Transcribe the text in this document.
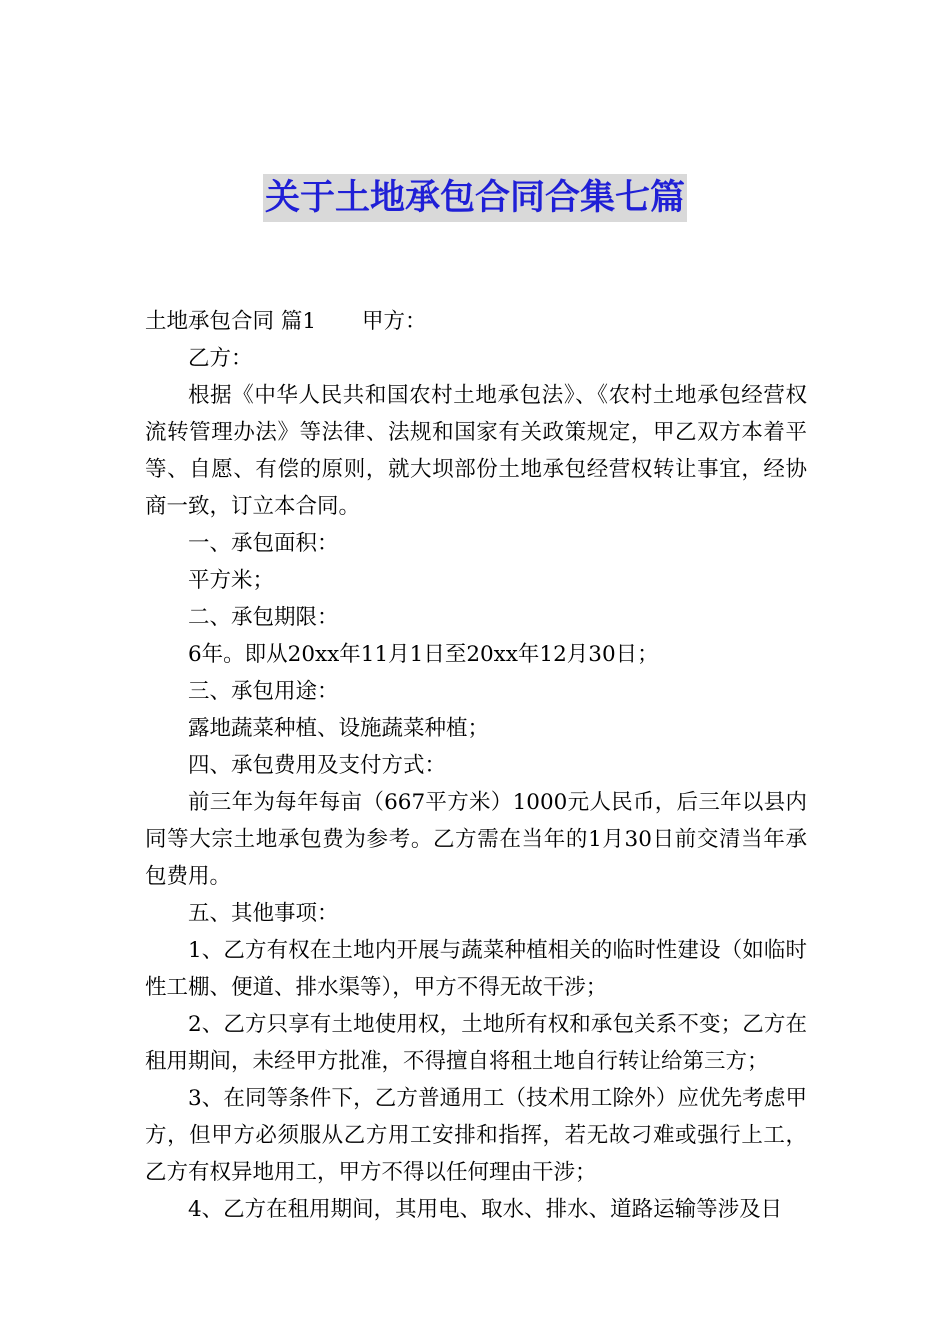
关于土地承包合同合集七篇

土地承包合同 篇1 甲方：

乙方：

根据《中华人民共和国农村土地承包法》、《农村土地承包经营权流转管理办法》等法律、法规和国家有关政策规定，甲乙双方本着平等、自愿、有偿的原则，就大坝部份土地承包经营权转让事宜，经协商一致，订立本合同。

一、承包面积：

平方米；

二、承包期限：

6年。即从20xx年11月1日至20xx年12月30日；

三、承包用途：

露地蔬菜种植、设施蔬菜种植；

四、承包费用及支付方式：

前三年为每年每亩（667平方米）1000元人民币，后三年以县内同等大宗土地承包费为参考。乙方需在当年的1月30日前交清当年承包费用。

五、其他事项：

1、乙方有权在土地内开展与蔬菜种植相关的临时性建设（如临时性工棚、便道、排水渠等），甲方不得无故干涉；

2、乙方只享有土地使用权，土地所有权和承包关系不变；乙方在租用期间，未经甲方批准，不得擅自将租土地自行转让给第三方；

3、在同等条件下，乙方普通用工（技术用工除外）应优先考虑甲方，但甲方必须服从乙方用工安排和指挥，若无故刁难或强行上工，乙方有权异地用工，甲方不得以任何理由干涉；

4、乙方在租用期间，其用电、取水、排水、道路运输等涉及日
